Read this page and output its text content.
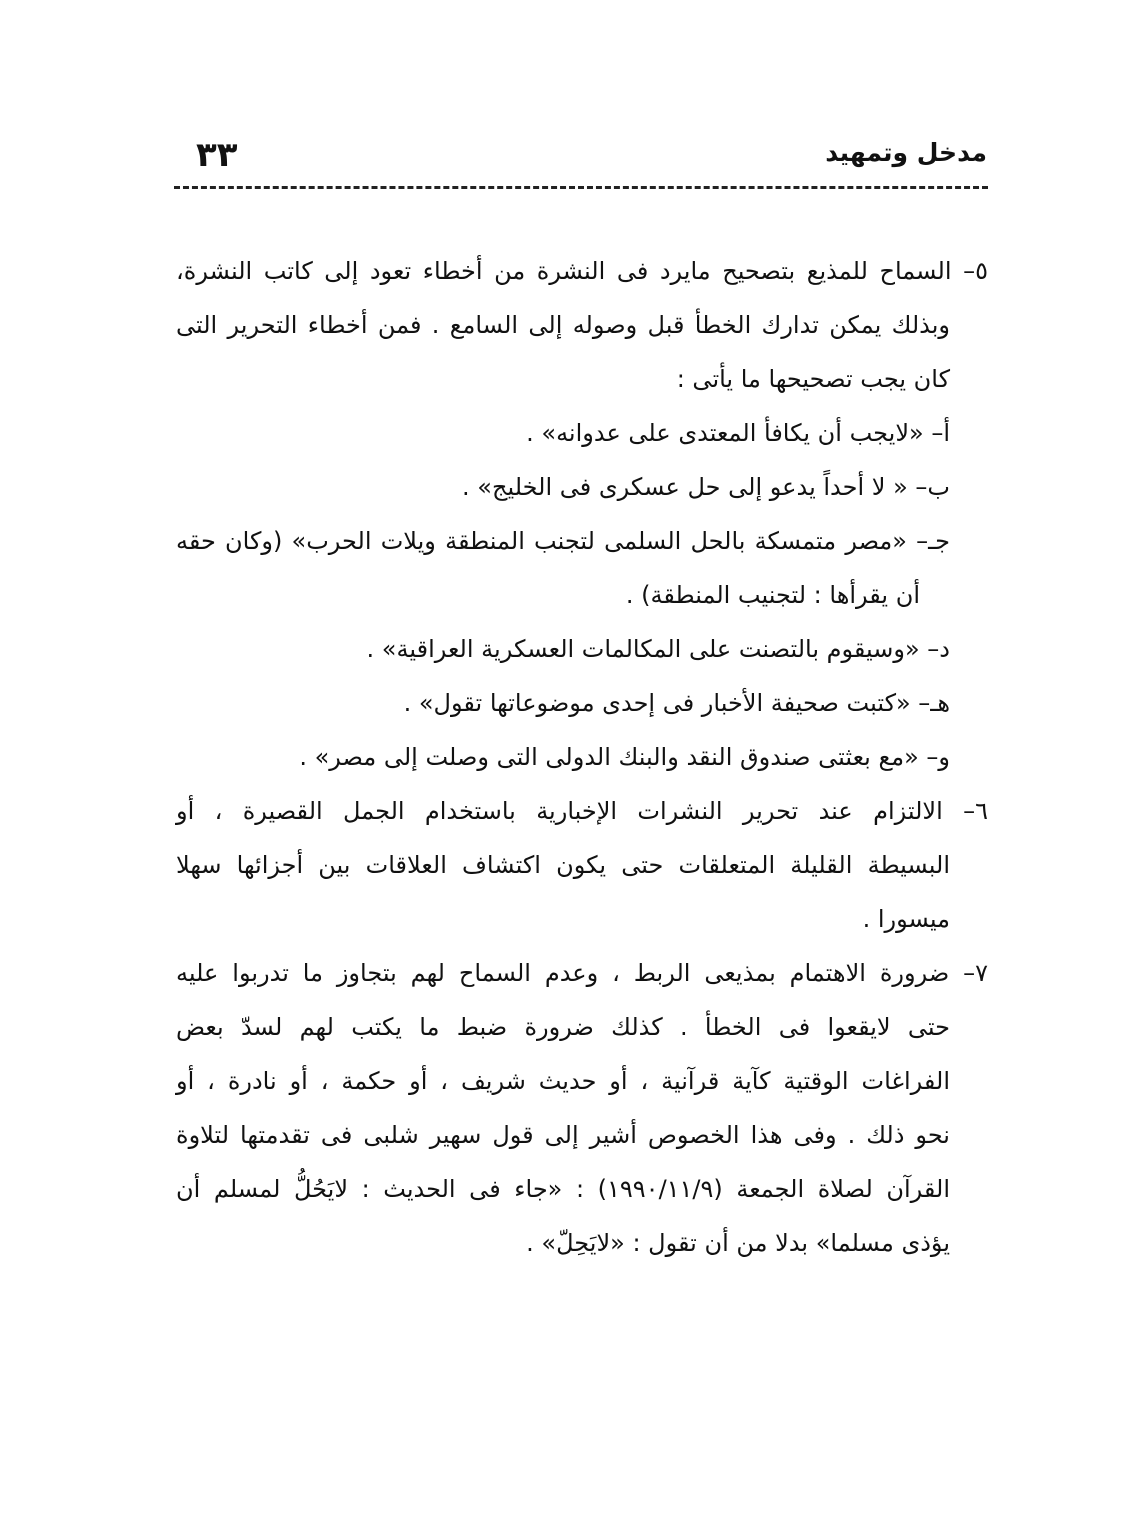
٣٣	مدخل وتمهيد
٥– السماح للمذيع بتصحيح مايرد فى النشرة من أخطاء تعود إلى كاتب النشرة،
وبذلك يمكن تدارك الخطأ قبل وصوله إلى السامع . فمن أخطاء التحرير التى
كان يجب تصحيحها ما يأتى :
أ– «لايجب أن يكافأ المعتدى على عدوانه» .
ب– « لا أحداً يدعو إلى حل عسكرى فى الخليج» .
جـ– «مصر متمسكة بالحل السلمى لتجنب المنطقة ويلات الحرب» (وكان حقه
أن يقرأها : لتجنيب المنطقة) .
د– «وسيقوم بالتصنت على المكالمات العسكرية العراقية» .
هـ– «كتبت صحيفة الأخبار فى إحدى موضوعاتها تقول» .
و– «مع بعثتى صندوق النقد والبنك الدولى التى وصلت إلى مصر» .
٦– الالتزام عند تحرير النشرات الإخبارية باستخدام الجمل القصيرة ، أو
البسيطة القليلة المتعلقات حتى يكون اكتشاف العلاقات بين أجزائها سهلا
ميسورا .
٧– ضرورة الاهتمام بمذيعى الربط ، وعدم السماح لهم بتجاوز ما تدربوا عليه
حتى لايقعوا فى الخطأ . كذلك ضرورة ضبط ما يكتب لهم لسدّ بعض
الفراغات الوقتية كآية قرآنية ، أو حديث شريف ، أو حكمة ، أو نادرة ، أو
نحو ذلك . وفى هذا الخصوص أشير إلى قول سهير شلبى فى تقدمتها لتلاوة
القرآن لصلاة الجمعة (١٩٩٠/١١/٩) : «جاء فى الحديث : لايَحُلُّ لمسلم أن
يؤذى مسلما» بدلا من أن تقول : «لايَحِلّ» .
